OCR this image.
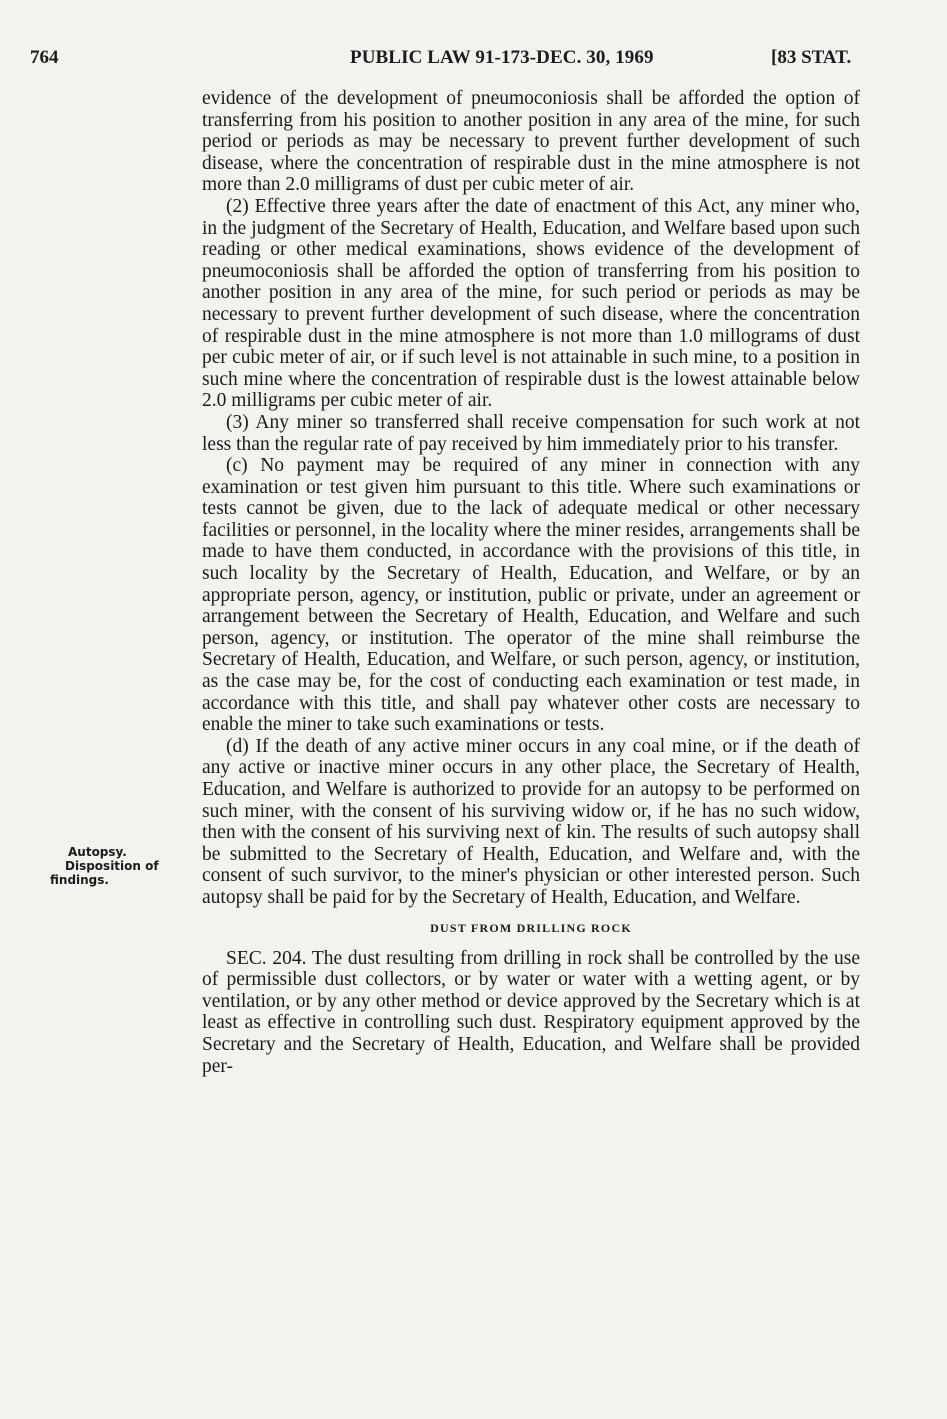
764	PUBLIC LAW 91-173-DEC. 30, 1969	[83 STAT.
Autopsy.
Disposition of
findings.

evidence of the development of pneumoconiosis shall be afforded the option of transferring from his position to another position in any area of the mine, for such period or periods as may be necessary to prevent further development of such disease, where the concentration of respirable dust in the mine atmosphere is not more than 2.0 milligrams of dust per cubic meter of air.

(2) Effective three years after the date of enactment of this Act, any miner who, in the judgment of the Secretary of Health, Education, and Welfare based upon such reading or other medical examinations, shows evidence of the development of pneumoconiosis shall be afforded the option of transferring from his position to another position in any area of the mine, for such period or periods as may be necessary to prevent further development of such disease, where the concentration of respirable dust in the mine atmosphere is not more than 1.0 millograms of dust per cubic meter of air, or if such level is not attainable in such mine, to a position in such mine where the concentration of respirable dust is the lowest attainable below 2.0 milligrams per cubic meter of air.

(3) Any miner so transferred shall receive compensation for such work at not less than the regular rate of pay received by him immediately prior to his transfer.

(c) No payment may be required of any miner in connection with any examination or test given him pursuant to this title. Where such examinations or tests cannot be given, due to the lack of adequate medical or other necessary facilities or personnel, in the locality where the miner resides, arrangements shall be made to have them conducted, in accordance with the provisions of this title, in such locality by the Secretary of Health, Education, and Welfare, or by an appropriate person, agency, or institution, public or private, under an agreement or arrangement between the Secretary of Health, Education, and Welfare and such person, agency, or institution. The operator of the mine shall reimburse the Secretary of Health, Education, and Welfare, or such person, agency, or institution, as the case may be, for the cost of conducting each examination or test made, in accordance with this title, and shall pay whatever other costs are necessary to enable the miner to take such examinations or tests.

(d) If the death of any active miner occurs in any coal mine, or if the death of any active or inactive miner occurs in any other place, the Secretary of Health, Education, and Welfare is authorized to provide for an autopsy to be performed on such miner, with the consent of his surviving widow or, if he has no such widow, then with the consent of his surviving next of kin. The results of such autopsy shall be submitted to the Secretary of Health, Education, and Welfare and, with the consent of such survivor, to the miner's physician or other interested person. Such autopsy shall be paid for by the Secretary of Health, Education, and Welfare.

DUST FROM DRILLING ROCK

SEC. 204. The dust resulting from drilling in rock shall be controlled by the use of permissible dust collectors, or by water or water with a wetting agent, or by ventilation, or by any other method or device approved by the Secretary which is at least as effective in controlling such dust. Respiratory equipment approved by the Secretary and the Secretary of Health, Education, and Welfare shall be provided per-
